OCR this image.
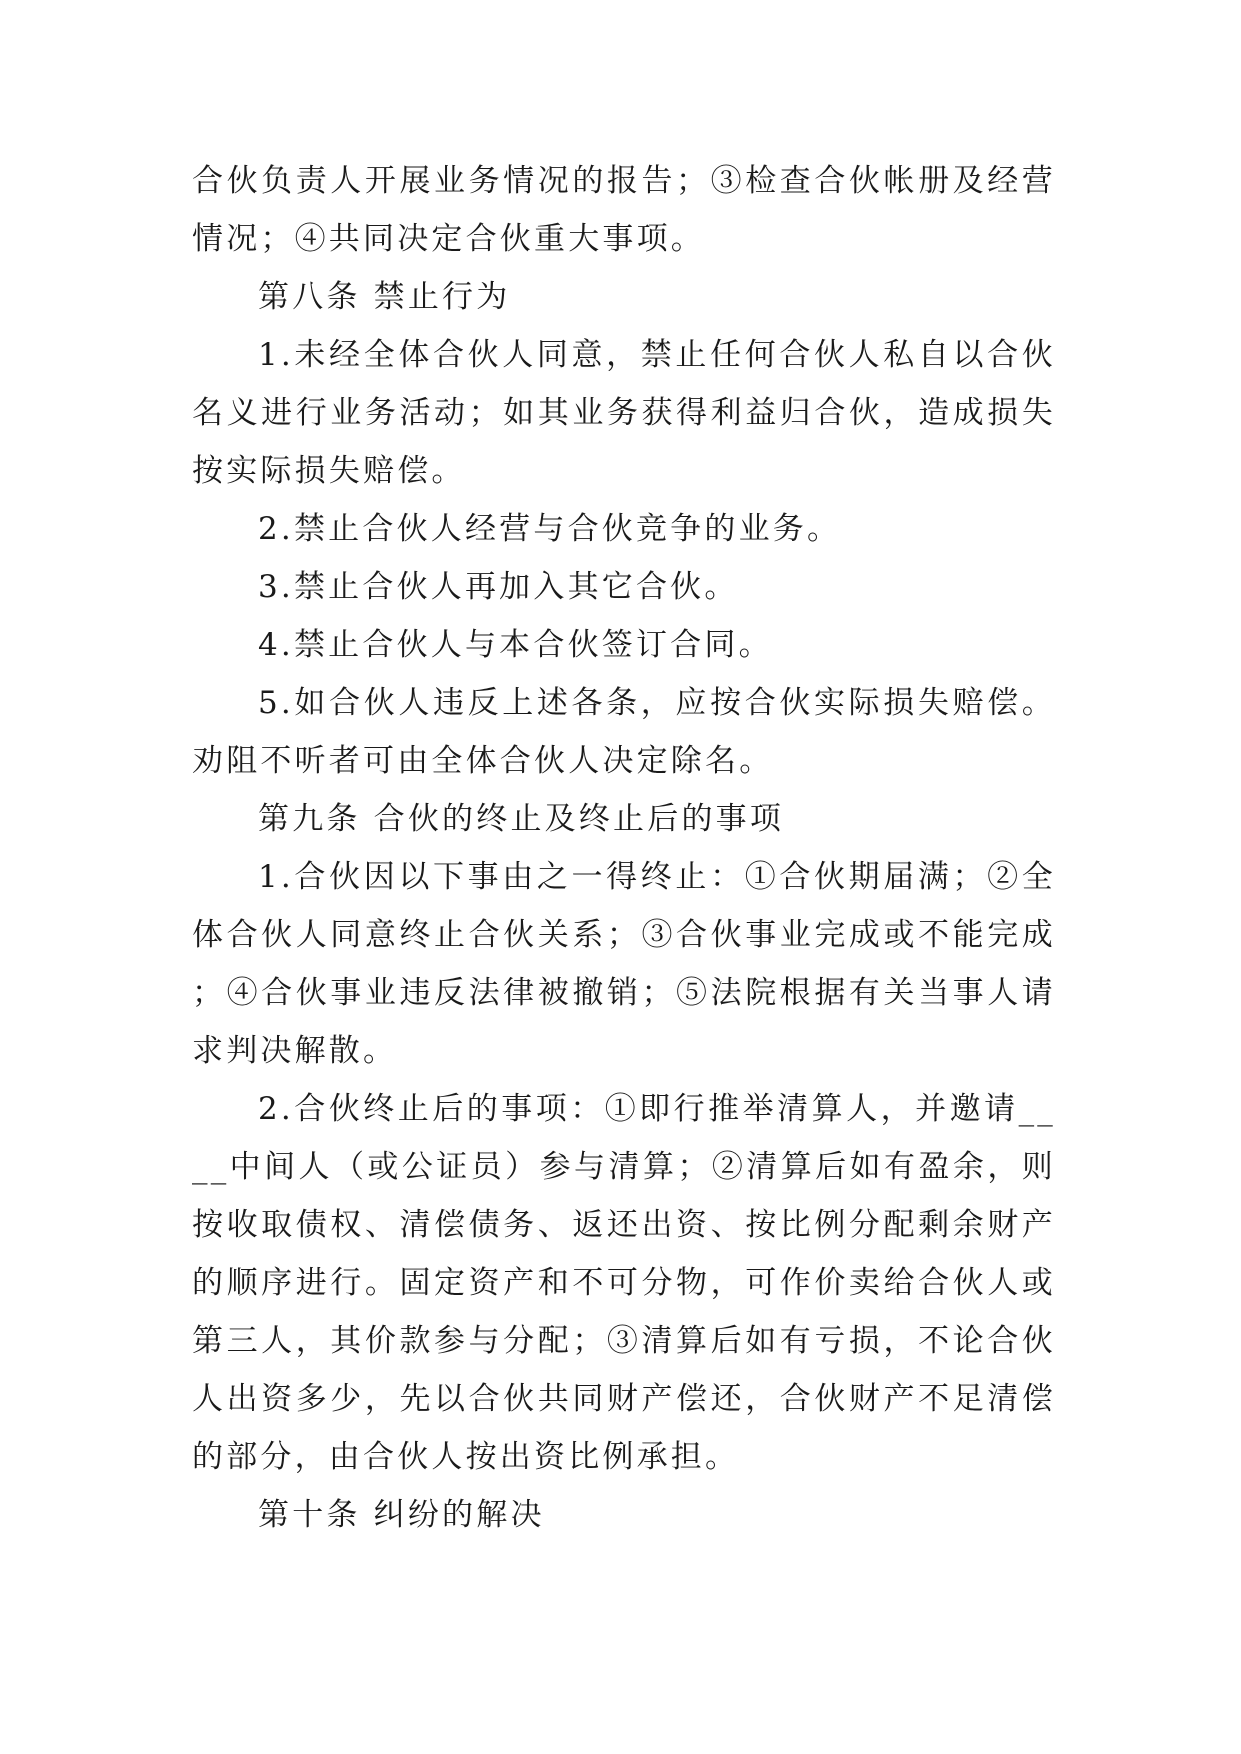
合伙负责人开展业务情况的报告；③检查合伙帐册及经营情况；④共同决定合伙重大事项。

第八条 禁止行为

1.未经全体合伙人同意，禁止任何合伙人私自以合伙名义进行业务活动；如其业务获得利益归合伙，造成损失按实际损失赔偿。

2.禁止合伙人经营与合伙竞争的业务。

3.禁止合伙人再加入其它合伙。

4.禁止合伙人与本合伙签订合同。

5.如合伙人违反上述各条，应按合伙实际损失赔偿。劝阻不听者可由全体合伙人决定除名。

第九条 合伙的终止及终止后的事项

1.合伙因以下事由之一得终止：①合伙期届满；②全体合伙人同意终止合伙关系；③合伙事业完成或不能完成；④合伙事业违反法律被撤销；⑤法院根据有关当事人请求判决解散。

2.合伙终止后的事项：①即行推举清算人，并邀请____中间人（或公证员）参与清算；②清算后如有盈余，则按收取债权、清偿债务、返还出资、按比例分配剩余财产的顺序进行。固定资产和不可分物，可作价卖给合伙人或第三人，其价款参与分配；③清算后如有亏损，不论合伙人出资多少，先以合伙共同财产偿还，合伙财产不足清偿的部分，由合伙人按出资比例承担。

第十条 纠纷的解决
